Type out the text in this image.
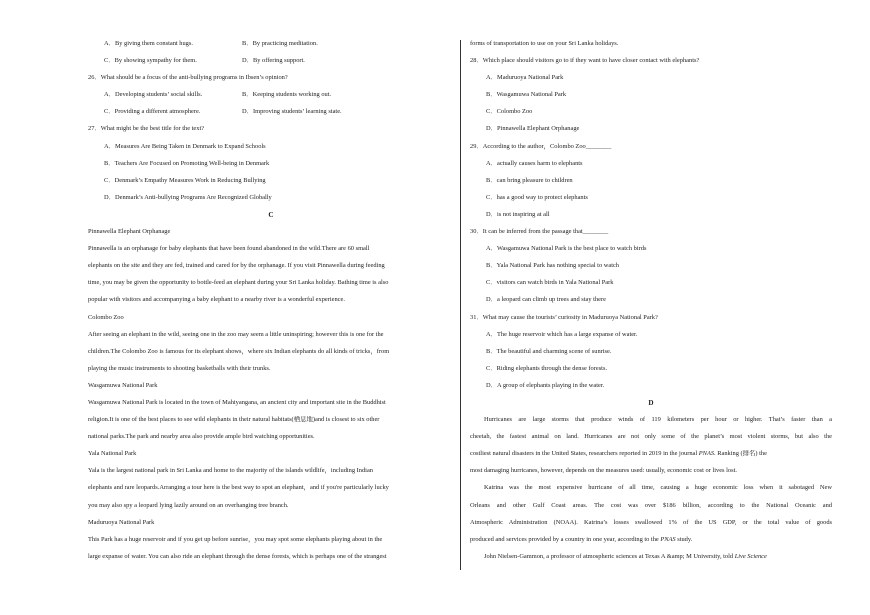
A．By giving them constant hugs.	B．By practicing meditation.
C．By showing sympathy for them.	D．By offering support.
26．What should be a focus of the anti-bullying programs in Ibsen’s opinion?
A．Developing students’ social skills.	B．Keeping students working out.
C．Providing a different atmosphere.	D．Improving students’ learning state.
27．What might be the best title for the text?
A．Measures Are Being Taken in Denmark to Expand Schools
B．Teachers Are Focused on Promoting Well-being in Denmark
C．Denmark’s Empathy Measures Work in Reducing Bullying
D．Denmark’s Anti-bullying Programs Are Recognized Globally
C
Pinnawella Elephant Orphanage
Pinnawella is an orphanage for baby elephants that have been found abandoned in the wild.There are 60 small
elephants on the site and they are fed, trained and cared for by the orphanage. If you visit Pinnawella during feeding
time, you may be given the opportunity to bottle-feed an elephant during your Sri Lanka holiday. Bathing time is also
popular with visitors and accompanying a baby elephant to a nearby river is a wonderful experience.
Colombo Zoo
After seeing an elephant in the wild, seeing one in the zoo may seem a little uninspiring; however this is one for the
children.The Colombo Zoo is famous for its elephant shows，where six Indian elephants do all kinds of tricks，from
playing the music instruments to shooting basketballs with their trunks.
Wasgamuwa National Park
Wasgamuwa National Park is located in the town of Mahiyangana, an ancient city and important site in the Buddhist
religion.It is one of the best places to see wild elephants in their natural habitats(栖息地)and is closest to six other
national parks.The park and nearby area also provide ample bird watching opportunities.
Yala National Park
Yala is the largest national park in Sri Lanka and home to the majority of the islands wildlife，including Indian
elephants and rare leopards.Arranging a tour here is the best way to spot an elephant，and if you're particularly lucky
you may also spy a leopard lying lazily around on an overhanging tree branch.
Maduruoya National Park
This Park has a huge reservoir and if you get up before sunrise，you may spot some elephants playing about in the
large expanse of water. You can also ride an elephant through the dense forests, which is perhaps one of the strangest
forms of transportation to use on your Sri Lanka holidays.
28．Which place should visitors go to if they want to have closer contact with elephants?
A．Maduruoya National Park
B．Wasgamuwa National Park
C．Colombo Zoo
D．Pinnawella Elephant Orphanage
29．According to the author，Colombo Zoo________
A．actually causes harm to elephants
B．can bring pleasure to children
C．has a good way to protect elephants
D．is not inspiring at all
30．It can be inferred from the passage that________
A．Wasgamuwa National Park is the best place to watch birds
B．Yala National Park has nothing special to watch
C．visitors can watch birds in Yala National Park
D．a leopard can climb up trees and stay there
31．What may cause the tourists’ curiosity in Maduruoya National Park?
A．The huge reservoir which has a large expanse of water.
B．The beautiful and charming scene of sunrise.
C．Riding elephants through the dense forests.
D．A group of elephants playing in the water.
D
Hurricanes are large storms that produce winds of 119 kilometers per hour or higher. That’s faster than a
cheetah, the fastest animal on land. Hurricanes are not only some of the planet’s most violent storms, but also the
costliest natural disasters in the United States, researchers reported in 2019 in the journal PNAS. Ranking (排名) the
most damaging hurricanes, however, depends on the measures used: usually, economic cost or lives lost.
Katrina was the most expensive hurricane of all time, causing a huge economic loss when it sabotaged New
Orleans and other Gulf Coast areas. The cost was over $186 billion, according to the National Oceanic and
Atmospheric Administration (NOAA). Katrina’s losses swallowed 1% of the US GDP, or the total value of goods
produced and services provided by a country in one year, according to the PNAS study.
John Nielsen-Gammon, a professor of atmospheric sciences at Texas A &amp; M University, told Live Science
